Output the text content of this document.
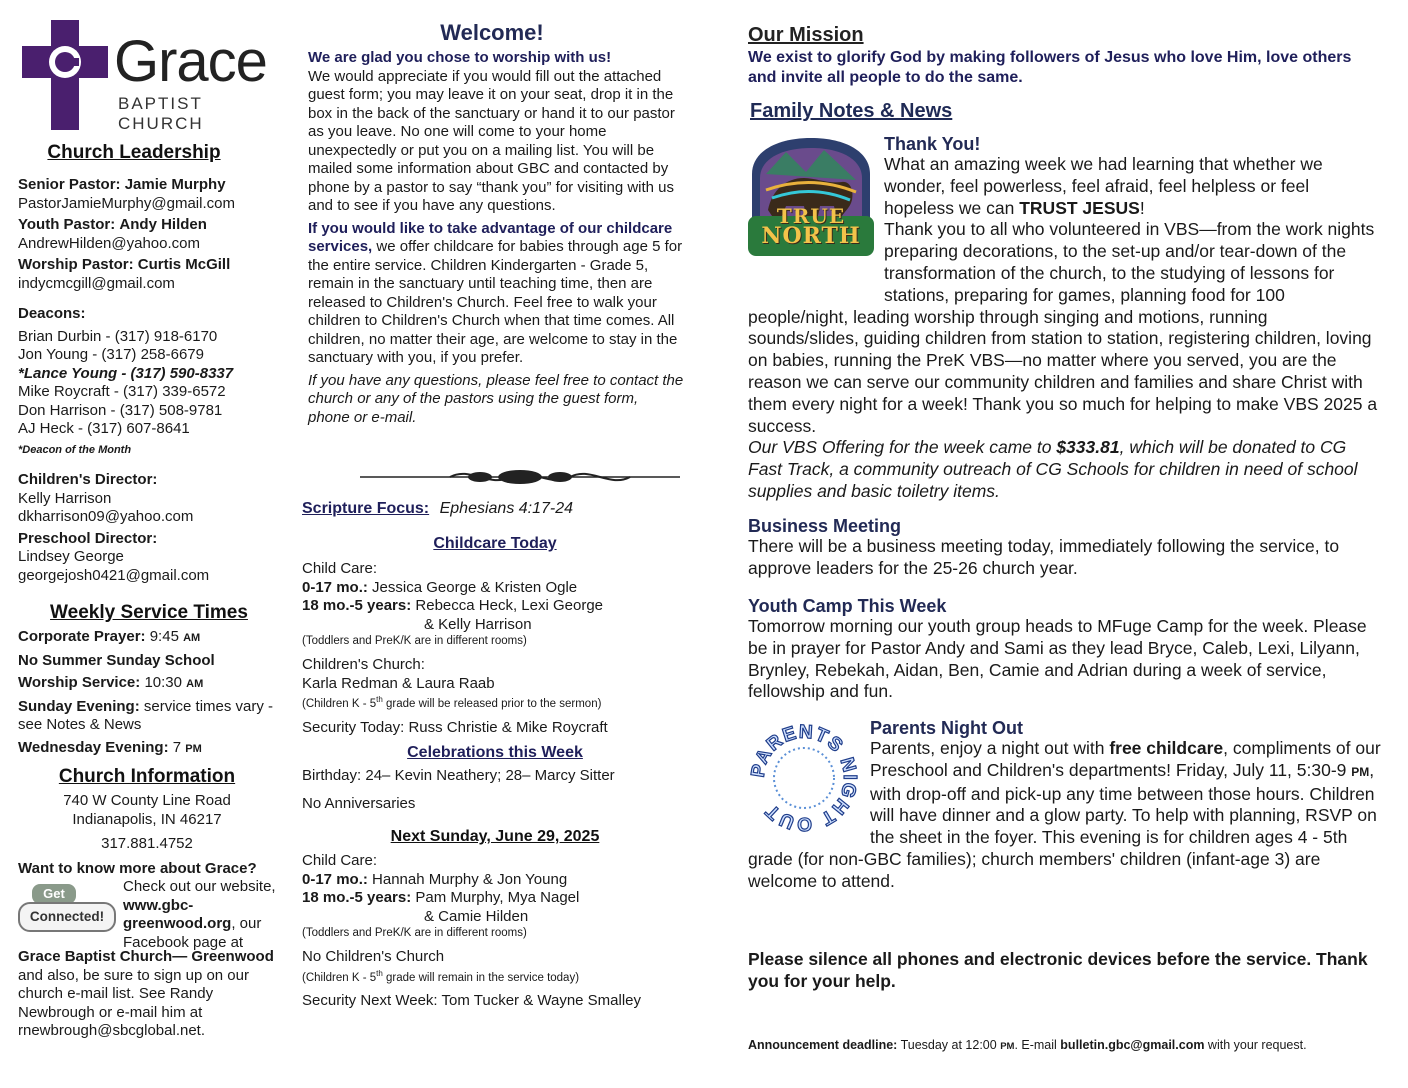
Grace
BAPTIST CHURCH
Church Leadership
Senior Pastor: Jamie Murphy
PastorJamieMurphy@gmail.com
Youth Pastor: Andy Hilden
AndrewHilden@yahoo.com
Worship Pastor: Curtis McGill
indycmcgill@gmail.com
Deacons:
Brian Durbin - (317) 918-6170
Jon Young - (317) 258-6679
*Lance Young - (317) 590-8337
Mike Roycraft - (317) 339-6572
Don Harrison - (317) 508-9781
AJ Heck - (317) 607-8641
*Deacon of the Month
Children's Director:
Kelly Harrison
dkharrison09@yahoo.com
Preschool Director:
Lindsey George
georgejosh0421@gmail.com
Weekly Service Times
Corporate Prayer: 9:45 AM
No Summer Sunday School
Worship Service: 10:30 AM
Sunday Evening: service times vary - see Notes & News
Wednesday Evening: 7 PM
Church Information
740 W County Line Road
Indianapolis, IN 46217
317.881.4752
Want to know more about Grace?
Get
Connected!
Check out our website, www.gbc-greenwood.org, our Facebook page at
Grace Baptist Church— Greenwood and also, be sure to sign up on our church e-mail list. See Randy Newbrough or e-mail him at rnewbrough@sbcglobal.net.
Welcome!
We are glad you chose to worship with us!
We would appreciate if you would fill out the attached guest form; you may leave it on your seat, drop it in the box in the back of the sanctuary or hand it to our pastor as you leave. No one will come to your home unexpectedly or put you on a mailing list. You will be mailed some information about GBC and contacted by phone by a pastor to say “thank you” for visiting with us and to see if you have any questions.
If you would like to take advantage of our childcare services, we offer childcare for babies through age 5 for the entire service. Children Kindergarten - Grade 5, remain in the sanctuary until teaching time, then are released to Children's Church. Feel free to walk your children to Children's Church when that time comes. All children, no matter their age, are welcome to stay in the sanctuary with you, if you prefer.
If you have any questions, please feel free to contact the church or any of the pastors using the guest form, phone or e-mail.
Scripture Focus: Ephesians 4:17-24
Childcare Today
Child Care:
0-17 mo.: Jessica George & Kristen Ogle
18 mo.-5 years: Rebecca Heck, Lexi George
& Kelly Harrison
(Toddlers and PreK/K are in different rooms)
Children's Church:
Karla Redman & Laura Raab
(Children K - 5th grade will be released prior to the sermon)
Security Today: Russ Christie & Mike Roycraft
Celebrations this Week
Birthday: 24– Kevin Neathery; 28– Marcy Sitter
No Anniversaries
Next Sunday, June 29, 2025
Child Care:
0-17 mo.: Hannah Murphy & Jon Young
18 mo.-5 years: Pam Murphy, Mya Nagel
& Camie Hilden
(Toddlers and PreK/K are in different rooms)
No Children's Church
(Children K - 5th grade will remain in the service today)
Security Next Week: Tom Tucker & Wayne Smalley
Our Mission
We exist to glorify God by making followers of Jesus who love Him, love others and invite all people to do the same.
Family Notes & News
TRUE
NORTH
Thank You!
What an amazing week we had learning that whether we wonder, feel powerless, feel afraid, feel helpless or feel hopeless we can TRUST JESUS!
Thank you to all who volunteered in VBS—from the work nights preparing decorations, to the set-up and/or tear-down of the transformation of the church, to the studying of lessons for stations, preparing for games, planning food for 100 people/night, leading worship through singing and motions, running sounds/slides, guiding children from station to station, registering children, loving on babies, running the PreK VBS—no matter where you served, you are the reason we can serve our community children and families and share Christ with them every night for a week! Thank you so much for helping to make VBS 2025 a success.
Our VBS Offering for the week came to $333.81, which will be donated to CG Fast Track, a community outreach of CG Schools for children in need of school supplies and basic toiletry items.
Business Meeting
There will be a business meeting today, immediately following the service, to approve leaders for the 25-26 church year.
Youth Camp This Week
Tomorrow morning our youth group heads to MFuge Camp for the week. Please be in prayer for Pastor Andy and Sami as they lead Bryce, Caleb, Lexi, Lilyann, Brynley, Rebekah, Aidan, Ben, Camie and Adrian during a week of service, fellowship and fun.
PARENTS NIGHT OUT
Parents Night Out
Parents, enjoy a night out with free childcare, compliments of our Preschool and Children's departments! Friday, July 11, 5:30-9 PM, with drop-off and pick-up any time between those hours. Children will have dinner and a glow party. To help with planning, RSVP on the sheet in the foyer. This evening is for children ages 4 - 5th grade (for non-GBC families); church members' children (infant-age 3) are welcome to attend.
Please silence all phones and electronic devices before the service. Thank you for your help.
Announcement deadline: Tuesday at 12:00 PM. E-mail bulletin.gbc@gmail.com with your request.
